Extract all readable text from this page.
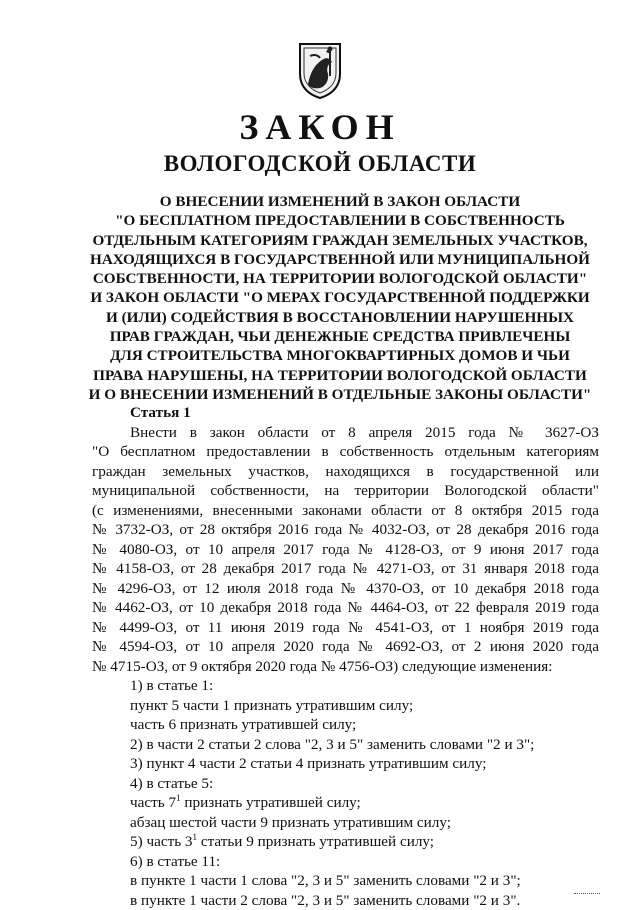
ЗАКОН
ВОЛОГОДСКОЙ ОБЛАСТИ
О ВНЕСЕНИИ ИЗМЕНЕНИЙ В ЗАКОН ОБЛАСТИ
"О БЕСПЛАТНОМ ПРЕДОСТАВЛЕНИИ В СОБСТВЕННОСТЬ
ОТДЕЛЬНЫМ КАТЕГОРИЯМ ГРАЖДАН ЗЕМЕЛЬНЫХ УЧАСТКОВ,
НАХОДЯЩИХСЯ В ГОСУДАРСТВЕННОЙ ИЛИ МУНИЦИПАЛЬНОЙ
СОБСТВЕННОСТИ, НА ТЕРРИТОРИИ ВОЛОГОДСКОЙ ОБЛАСТИ"
И ЗАКОН ОБЛАСТИ "О МЕРАХ ГОСУДАРСТВЕННОЙ ПОДДЕРЖКИ
И (ИЛИ) СОДЕЙСТВИЯ В ВОССТАНОВЛЕНИИ НАРУШЕННЫХ
ПРАВ ГРАЖДАН, ЧЬИ ДЕНЕЖНЫЕ СРЕДСТВА ПРИВЛЕЧЕНЫ
ДЛЯ СТРОИТЕЛЬСТВА МНОГОКВАРТИРНЫХ ДОМОВ И ЧЬИ
ПРАВА НАРУШЕНЫ, НА ТЕРРИТОРИИ ВОЛОГОДСКОЙ ОБЛАСТИ
И О ВНЕСЕНИИ ИЗМЕНЕНИЙ В ОТДЕЛЬНЫЕ ЗАКОНЫ ОБЛАСТИ"
Статья 1
Внести в закон области от 8 апреля 2015 года № 3627-ОЗ
"О бесплатном предоставлении в собственность отдельным категориям
граждан земельных участков, находящихся в государственной или
муниципальной собственности, на территории Вологодской области"
(с изменениями, внесенными законами области от 8 октября 2015 года
№ 3732-ОЗ, от 28 октября 2016 года № 4032-ОЗ, от 28 декабря 2016 года
№ 4080-ОЗ, от 10 апреля 2017 года № 4128-ОЗ, от 9 июня 2017 года
№ 4158-ОЗ, от 28 декабря 2017 года № 4271-ОЗ, от 31 января 2018 года
№ 4296-ОЗ, от 12 июля 2018 года № 4370-ОЗ, от 10 декабря 2018 года
№ 4462-ОЗ, от 10 декабря 2018 года № 4464-ОЗ, от 22 февраля 2019 года
№ 4499-ОЗ, от 11 июня 2019 года № 4541-ОЗ, от 1 ноября 2019 года
№ 4594-ОЗ, от 10 апреля 2020 года № 4692-ОЗ, от 2 июня 2020 года
№ 4715-ОЗ, от 9 октября 2020 года № 4756-ОЗ) следующие изменения:
1) в статье 1:
пункт 5 части 1 признать утратившим силу;
часть 6 признать утратившей силу;
2) в части 2 статьи 2 слова "2, 3 и 5" заменить словами "2 и 3";
3) пункт 4 части 2 статьи 4 признать утратившим силу;
4) в статье 5:
часть $7^1$ признать утратившей силу;
абзац шестой части 9 признать утратившим силу;
5) часть $3^1$ статьи 9 признать утратившей силу;
6) в статье 11:
в пункте 1 части 1 слова "2, 3 и 5" заменить словами "2 и 3";
в пункте 1 части 2 слова "2, 3 и 5" заменить словами "2 и 3".
